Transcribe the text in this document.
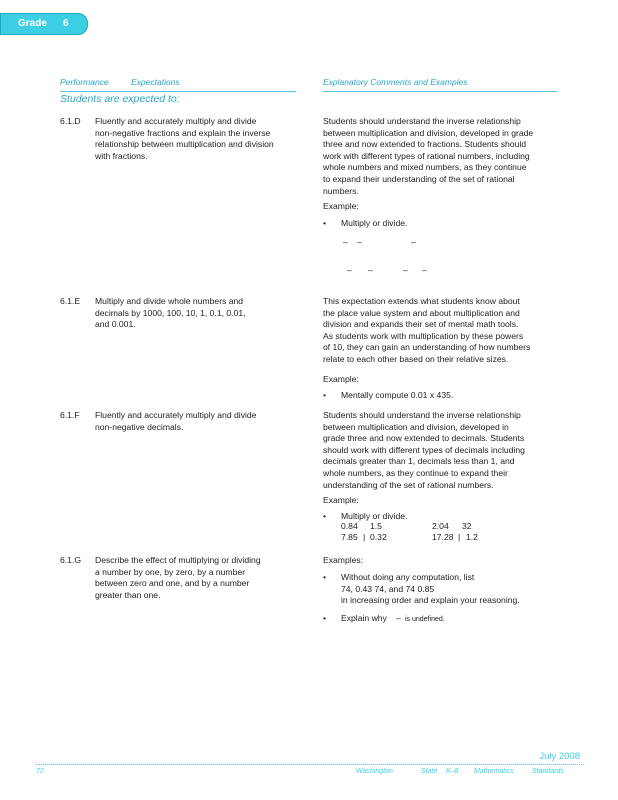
Grade 6
Performance	Expectations	Explanatory Comments and Examples
Students are expected to:
6.1.D Fluently and accurately multiply and divide
non-negative fractions and explain the inverse
relationship between multiplication and division
with fractions.
Students should understand the inverse relationship
between multiplication and division, developed in grade
three and now extended to fractions. Students should
work with different types of rational numbers, including
whole numbers and mixed numbers, as they continue
to expand their understanding of the set of rational
numbers.
Example:
• Multiply or divide.
– –	–
– –	– –
6.1.E Multiply and divide whole numbers and
decimals by 1000, 100, 10, 1, 0.1, 0.01,
and 0.001.
This expectation extends what students know about
the place value system and about multiplication and
division and expands their set of mental math tools.
As students work with multiplication by these powers
of 10, they can gain an understanding of how numbers
relate to each other based on their relative sizes.
Example:
• Mentally compute 0.01 x 435.
6.1.F Fluently and accurately multiply and divide
non-negative decimals.
Students should understand the inverse relationship
between multiplication and division, developed in
grade three and now extended to decimals. Students
should work with different types of decimals including
decimals greater than 1, decimals less than 1, and
whole numbers, as they continue to expand their
understanding of the set of rational numbers.
Example:
• Multiply or divide.
0.84 1.5	2.04 32
7.85 | 0.32	17.28 | 1.2
6.1.G Describe the effect of multiplying or dividing
a number by one, by zero, by a number
between zero and one, and by a number
greater than one.
Examples:
• Without doing any computation, list
74, 0.43 74, and 74 0.85
in increasing order and explain your reasoning.
• Explain why – is undefined.
July 2008
72	Washington	State K–8 Mathematics	Standards
